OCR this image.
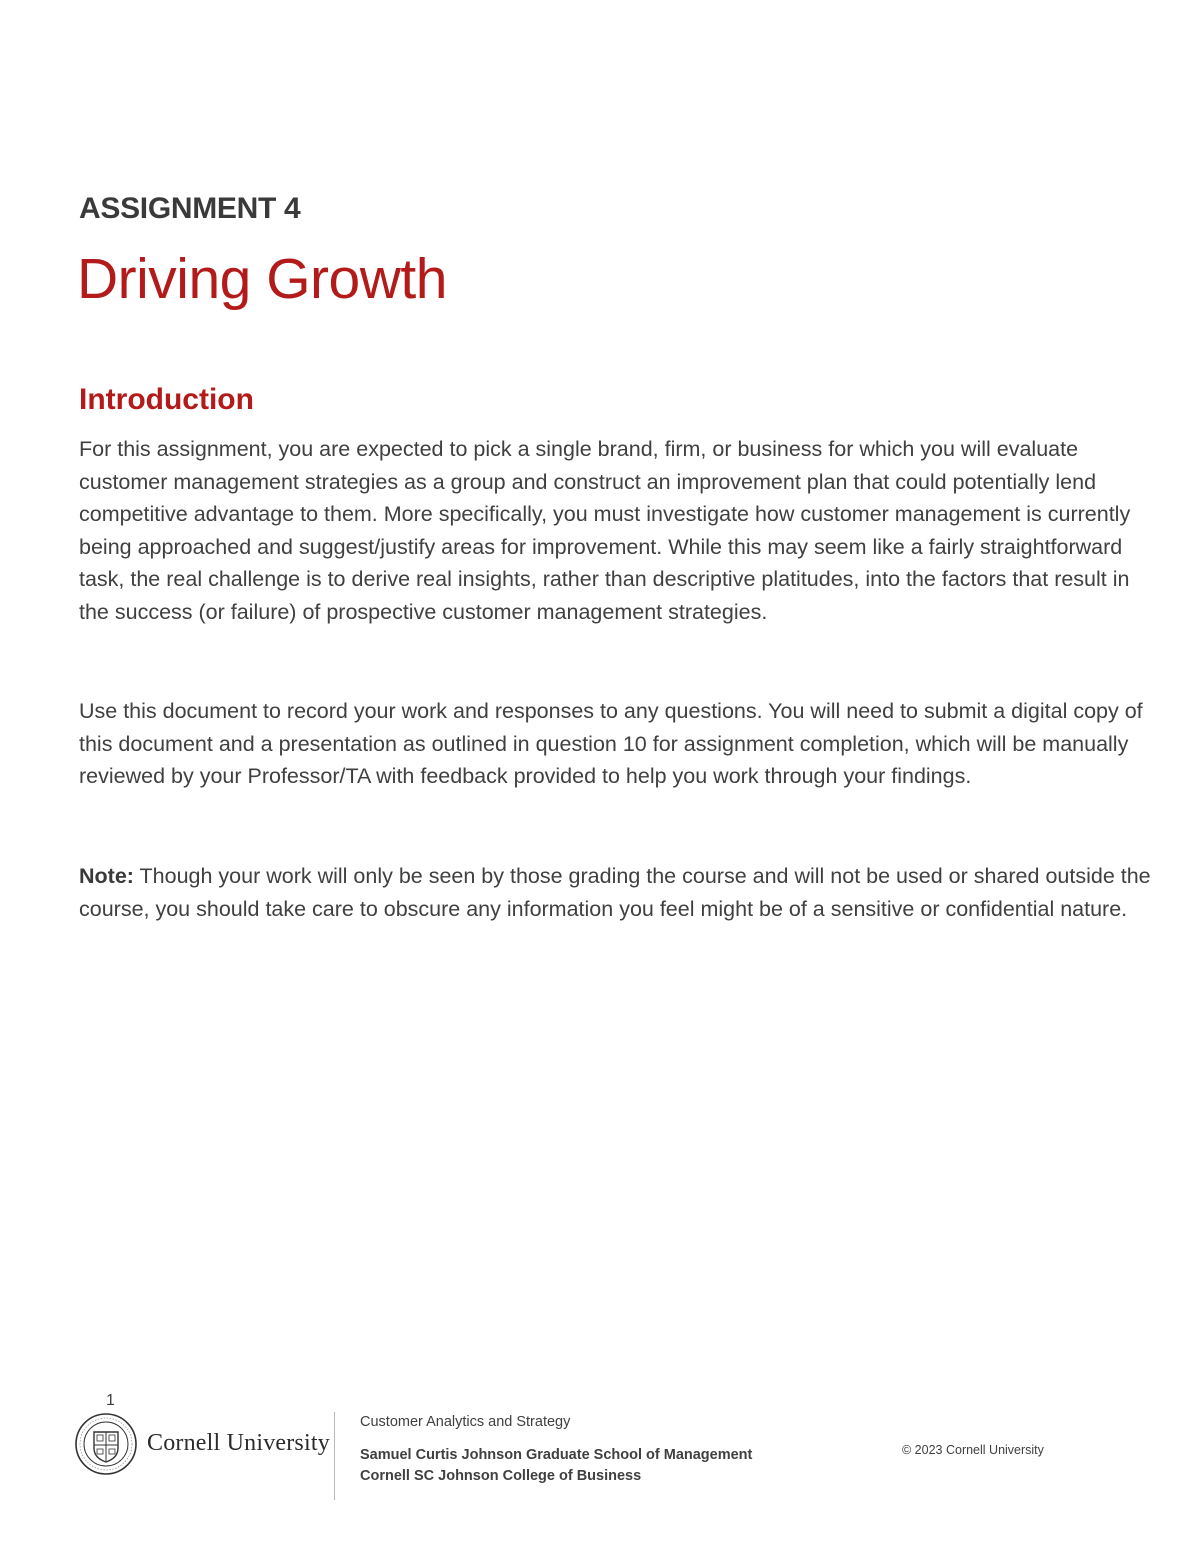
ASSIGNMENT 4
Driving Growth
Introduction

For this assignment, you are expected to pick a single brand, firm, or business for which you will evaluate customer management strategies as a group and construct an improvement plan that could potentially lend competitive advantage to them. More specifically, you must investigate how customer management is currently being approached and suggest/justify areas for improvement. While this may seem like a fairly straightforward task, the real challenge is to derive real insights, rather than descriptive platitudes, into the factors that result in the success (or failure) of prospective customer management strategies.

Use this document to record your work and responses to any questions. You will need to submit a digital copy of this document and a presentation as outlined in question 10 for assignment completion, which will be manually reviewed by your Professor/TA with feedback provided to help you work through your findings.

Note: Though your work will only be seen by those grading the course and will not be used or shared outside the course, you should take care to obscure any information you feel might be of a sensitive or confidential nature.

1
Cornell University
Customer Analytics and Strategy
Samuel Curtis Johnson Graduate School of Management
Cornell SC Johnson College of Business
© 2023 Cornell University
